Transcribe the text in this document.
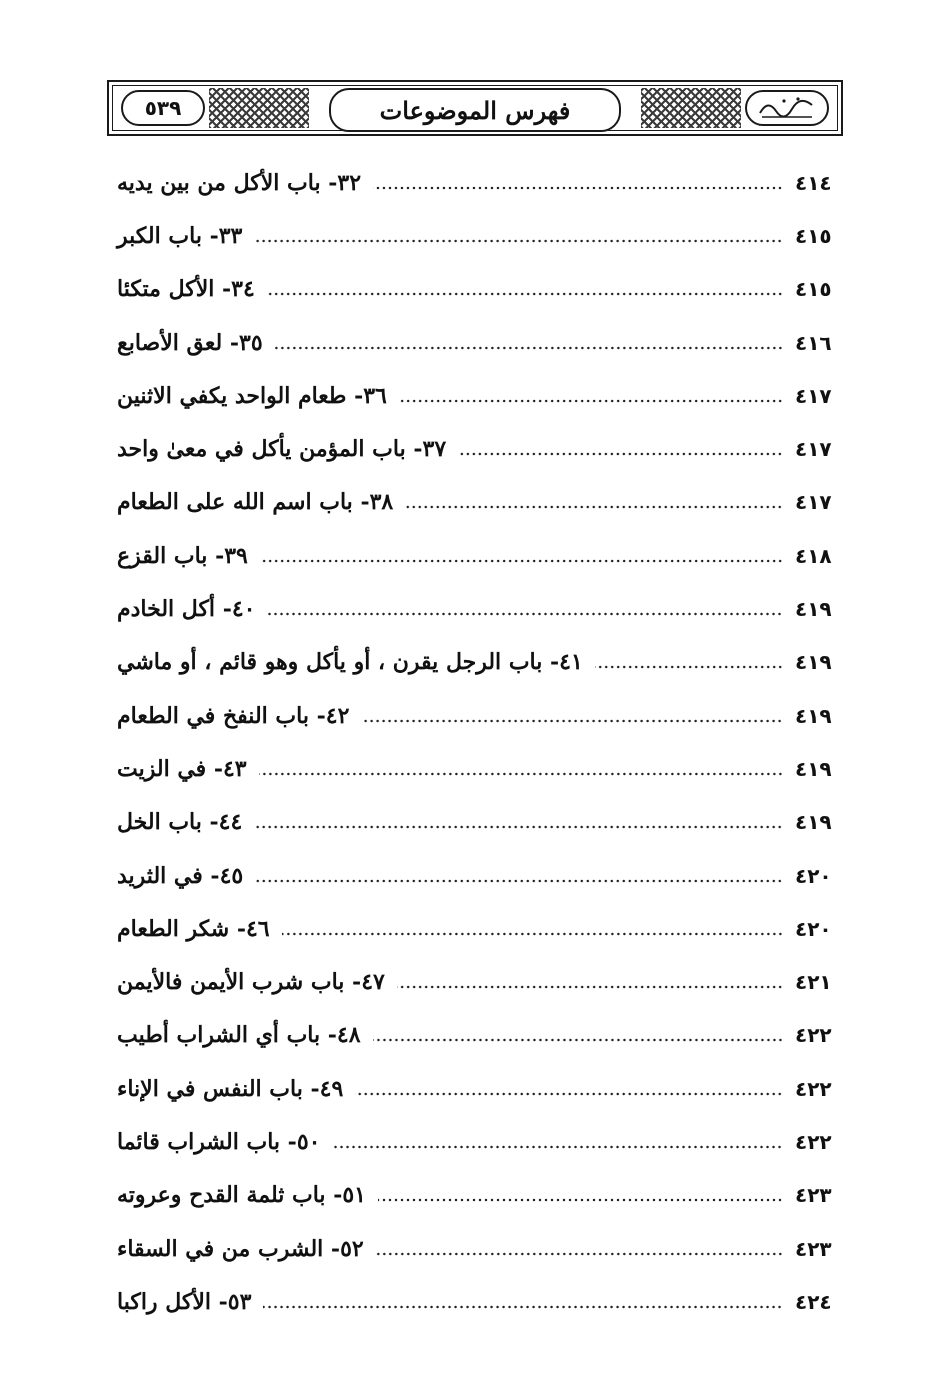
٥٣٩	فهرس الموضوعات
٣٢- باب الأكل من بين يديه	٤١٤
٣٣- باب الكبر	٤١٥
٣٤- الأكل متكئا	٤١٥
٣٥- لعق الأصابع	٤١٦
٣٦- طعام الواحد يكفي الاثنين	٤١٧
٣٧- باب المؤمن يأكل في معىٰ واحد	٤١٧
٣٨- باب اسم الله على الطعام	٤١٧
٣٩- باب القزع	٤١٨
٤٠- أكل الخادم	٤١٩
٤١- باب الرجل يقرن ، أو يأكل وهو قائم ، أو ماشي	٤١٩
٤٢- باب النفخ في الطعام	٤١٩
٤٣- في الزيت	٤١٩
٤٤- باب الخل	٤١٩
٤٥- في الثريد	٤٢٠
٤٦- شكر الطعام	٤٢٠
٤٧- باب شرب الأيمن فالأيمن	٤٢١
٤٨- باب أي الشراب أطيب	٤٢٢
٤٩- باب النفس في الإناء	٤٢٢
٥٠- باب الشراب قائما	٤٢٢
٥١- باب ثلمة القدح وعروته	٤٢٣
٥٢- الشرب من في السقاء	٤٢٣
٥٣- الأكل راكبا	٤٢٤
